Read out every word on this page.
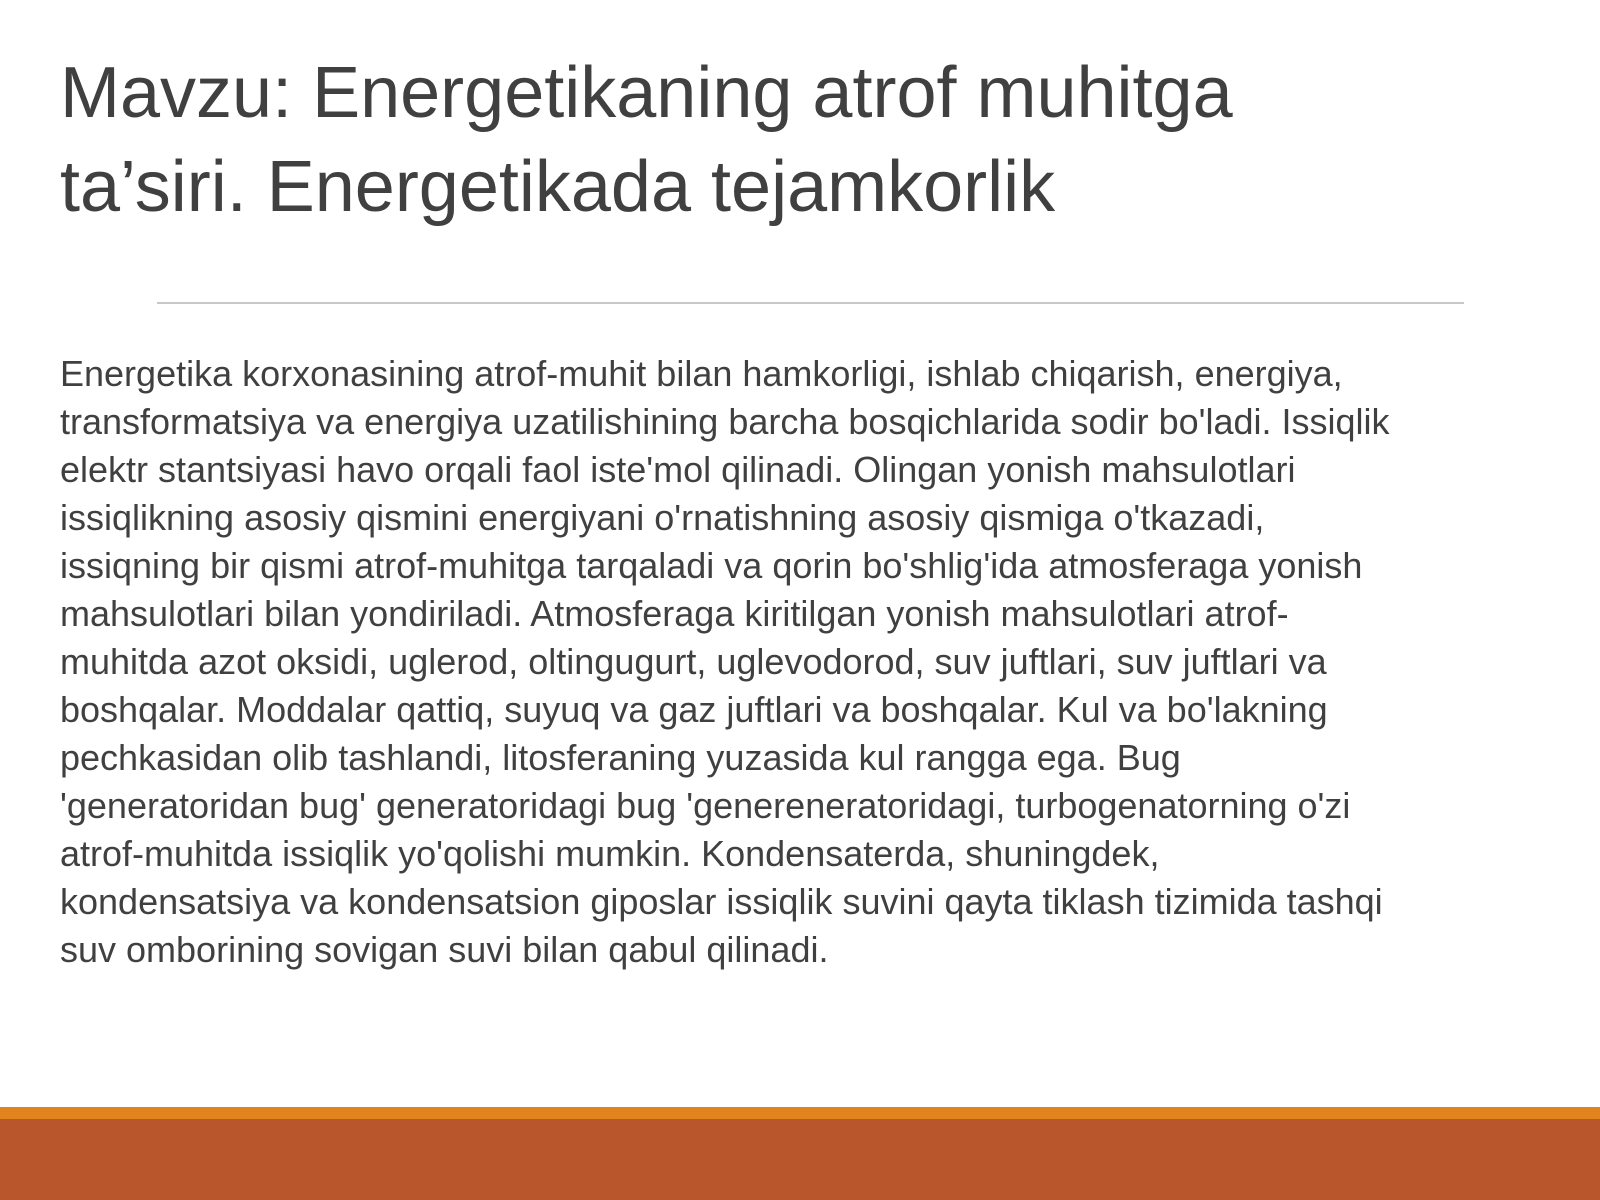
Mavzu: Energetikaning atrof muhitga
ta’siri. Energetikada tejamkorlik

Energetika korxonasining atrof-muhit bilan hamkorligi, ishlab chiqarish, energiya,
transformatsiya va energiya uzatilishining barcha bosqichlarida sodir bo'ladi. Issiqlik
elektr stantsiyasi havo orqali faol iste'mol qilinadi. Olingan yonish mahsulotlari
issiqlikning asosiy qismini energiyani o'rnatishning asosiy qismiga o'tkazadi,
issiqning bir qismi atrof-muhitga tarqaladi va qorin bo'shlig'ida atmosferaga yonish
mahsulotlari bilan yondiriladi. Atmosferaga kiritilgan yonish mahsulotlari atrof-
muhitda azot oksidi, uglerod, oltingugurt, uglevodorod, suv juftlari, suv juftlari va
boshqalar. Moddalar qattiq, suyuq va gaz juftlari va boshqalar. Kul va bo'lakning
pechkasidan olib tashlandi, litosferaning yuzasida kul rangga ega. Bug
'generatoridan bug' generatoridagi bug 'genereneratoridagi, turbogenatorning o'zi
atrof-muhitda issiqlik yo'qolishi mumkin. Kondensaterda, shuningdek,
kondensatsiya va kondensatsion giposlar issiqlik suvini qayta tiklash tizimida tashqi
suv omborining sovigan suvi bilan qabul qilinadi.
